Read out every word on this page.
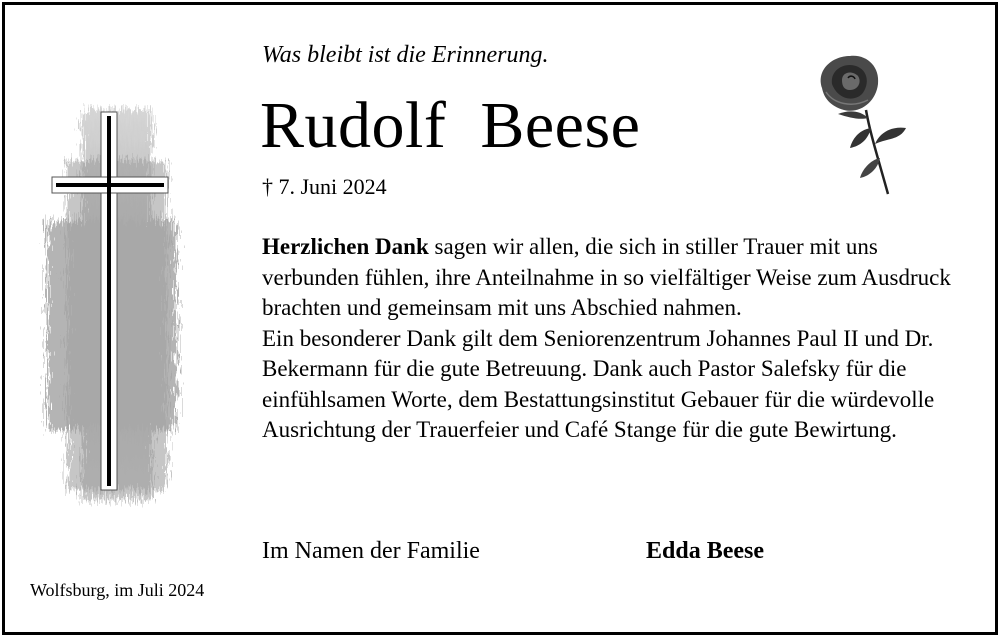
Was bleibt ist die Erinnerung.
Rudolf  Beese
† 7. Juni 2024

Herzlichen Dank sagen wir allen, die sich in stiller Trauer mit uns verbunden fühlen, ihre Anteilnahme in so vielfältiger Weise zum Ausdruck brachten und gemeinsam mit uns Abschied nahmen.

Ein besonderer Dank gilt dem Seniorenzentrum Johannes Paul II und Dr. Bekermann für die gute Betreuung. Dank auch Pastor Salefsky für die einfühlsamen Worte, dem Bestattungsinstitut Gebauer für die würdevolle Ausrichtung der Trauerfeier und Café Stange für die gute Bewirtung.

Im Namen der Familie	Edda Beese
Wolfsburg, im Juli 2024
